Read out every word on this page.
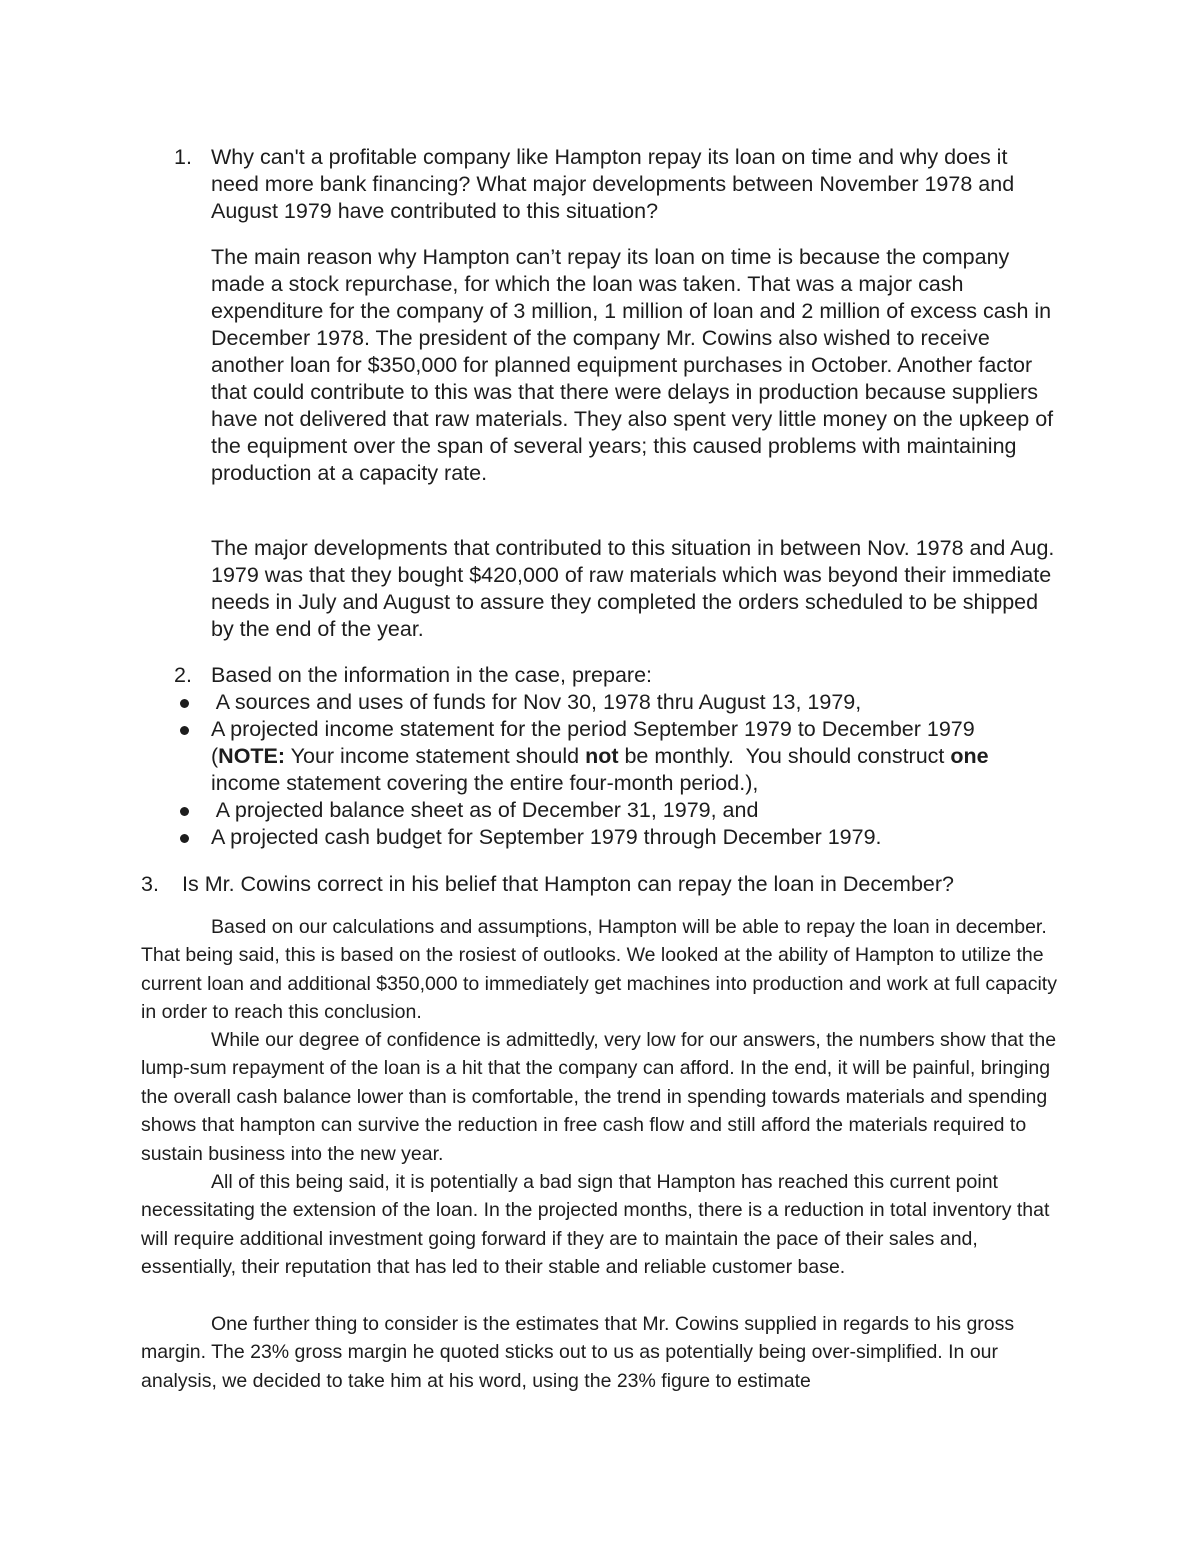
1. Why can't a profitable company like Hampton repay its loan on time and why does it need more bank financing? What major developments between November 1978 and August 1979 have contributed to this situation?
The main reason why Hampton can’t repay its loan on time is because the company made a stock repurchase, for which the loan was taken. That was a major cash expenditure for the company of 3 million, 1 million of loan and 2 million of excess cash in December 1978. The president of the company Mr. Cowins also wished to receive another loan for $350,000 for planned equipment purchases in October. Another factor that could contribute to this was that there were delays in production because suppliers have not delivered that raw materials. They also spent very little money on the upkeep of the equipment over the span of several years; this caused problems with maintaining production at a capacity rate.
The major developments that contributed to this situation in between Nov. 1978 and Aug. 1979 was that they bought $420,000 of raw materials which was beyond their immediate needs in July and August to assure they completed the orders scheduled to be shipped by the end of the year.
2. Based on the information in the case, prepare:
A sources and uses of funds for Nov 30, 1978 thru August 13, 1979,
A projected income statement for the period September 1979 to December 1979 (NOTE: Your income statement should not be monthly.  You should construct one income statement covering the entire four-month period.),
A projected balance sheet as of December 31, 1979, and
A projected cash budget for September 1979 through December 1979.
3. Is Mr. Cowins correct in his belief that Hampton can repay the loan in December?
Based on our calculations and assumptions, Hampton will be able to repay the loan in december. That being said, this is based on the rosiest of outlooks. We looked at the ability of Hampton to utilize the current loan and additional $350,000 to immediately get machines into production and work at full capacity in order to reach this conclusion.
While our degree of confidence is admittedly, very low for our answers, the numbers show that the lump-sum repayment of the loan is a hit that the company can afford. In the end, it will be painful, bringing the overall cash balance lower than is comfortable, the trend in spending towards materials and spending shows that hampton can survive the reduction in free cash flow and still afford the materials required to sustain business into the new year.
All of this being said, it is potentially a bad sign that Hampton has reached this current point necessitating the extension of the loan. In the projected months, there is a reduction in total inventory that will require additional investment going forward if they are to maintain the pace of their sales and, essentially, their reputation that has led to their stable and reliable customer base.
One further thing to consider is the estimates that Mr. Cowins supplied in regards to his gross margin. The 23% gross margin he quoted sticks out to us as potentially being over-simplified. In our analysis, we decided to take him at his word, using the 23% figure to estimate
